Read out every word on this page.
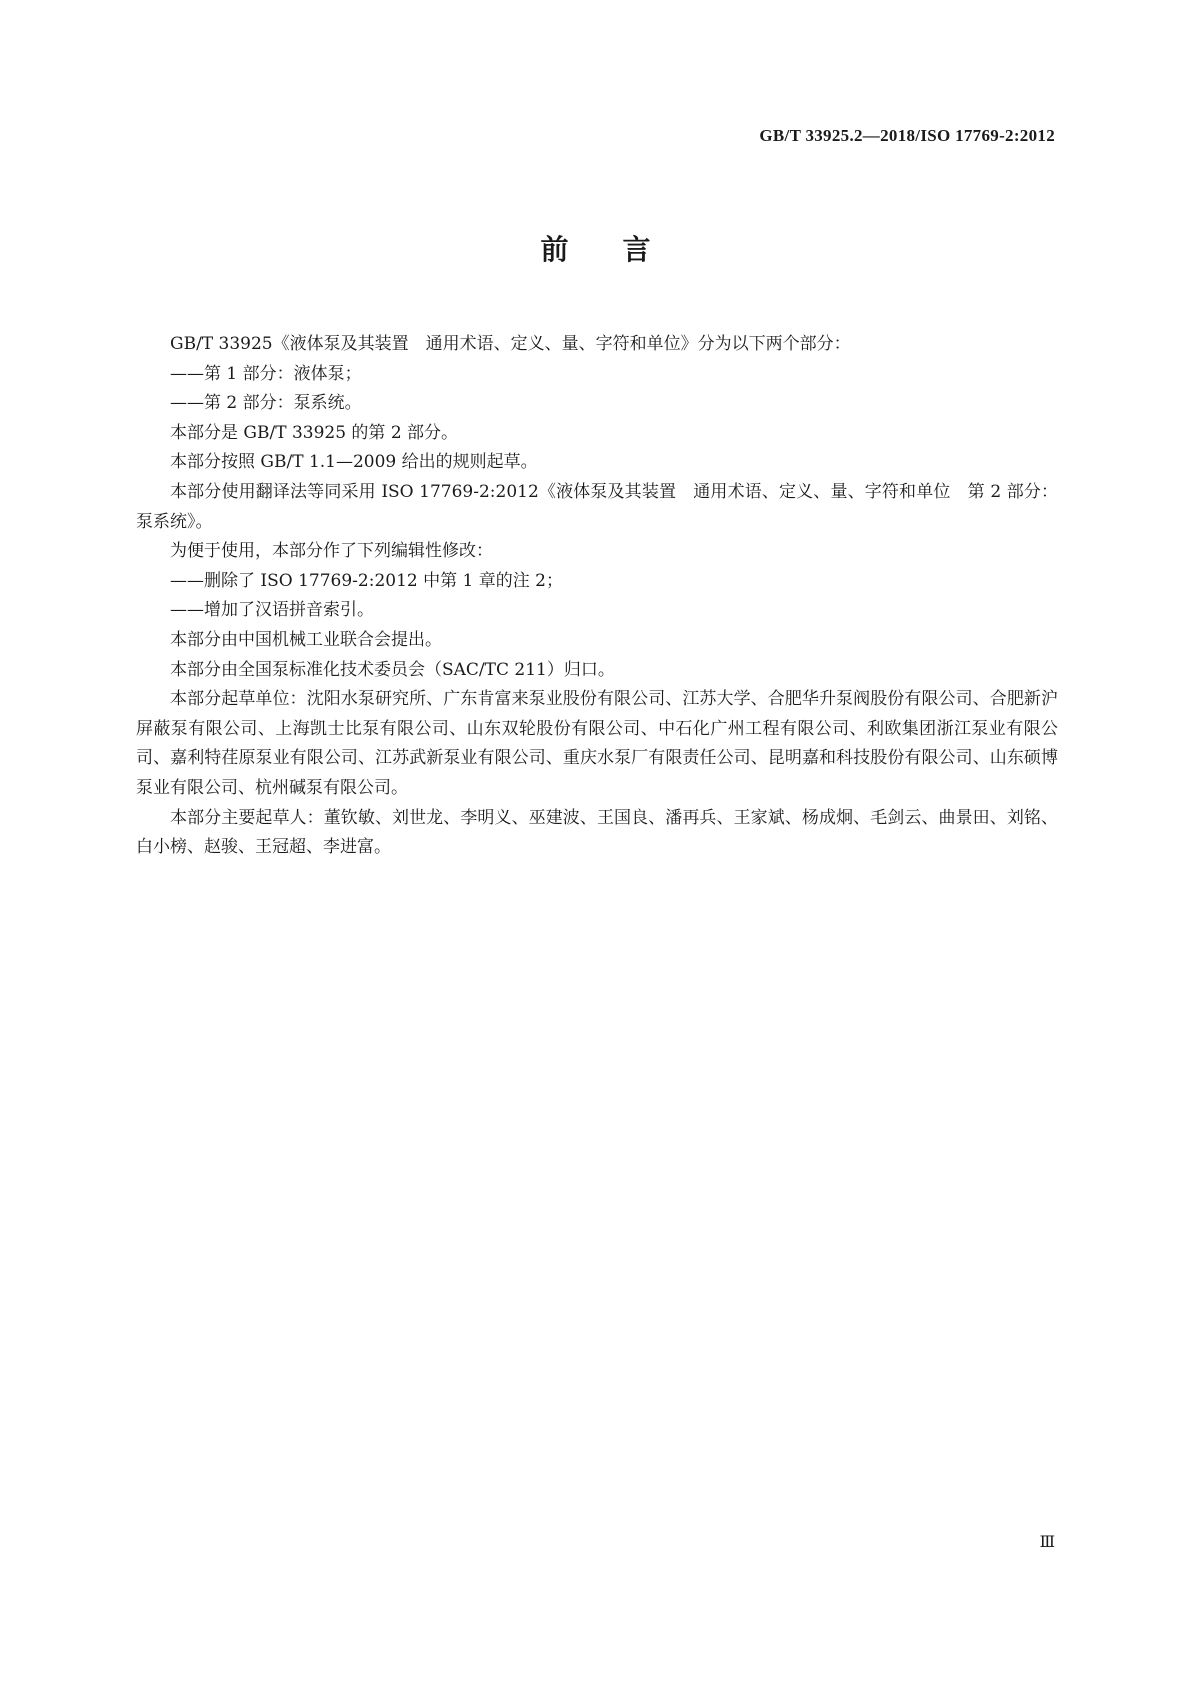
GB/T 33925.2—2018/ISO 17769-2:2012
前言

GB/T 33925《液体泵及其装置　通用术语、定义、量、字符和单位》分为以下两个部分：

——第 1 部分：液体泵；

——第 2 部分：泵系统。

本部分是 GB/T 33925 的第 2 部分。

本部分按照 GB/T 1.1—2009 给出的规则起草。

本部分使用翻译法等同采用 ISO 17769-2:2012《液体泵及其装置　通用术语、定义、量、字符和单位　第 2 部分：泵系统》。

为便于使用，本部分作了下列编辑性修改：

——删除了 ISO 17769-2:2012 中第 1 章的注 2；

——增加了汉语拼音索引。

本部分由中国机械工业联合会提出。

本部分由全国泵标准化技术委员会（SAC/TC 211）归口。

本部分起草单位：沈阳水泵研究所、广东肯富来泵业股份有限公司、江苏大学、合肥华升泵阀股份有限公司、合肥新沪屏蔽泵有限公司、上海凯士比泵有限公司、山东双轮股份有限公司、中石化广州工程有限公司、利欧集团浙江泵业有限公司、嘉利特荏原泵业有限公司、江苏武新泵业有限公司、重庆水泵厂有限责任公司、昆明嘉和科技股份有限公司、山东硕博泵业有限公司、杭州碱泵有限公司。

本部分主要起草人：董钦敏、刘世龙、李明义、巫建波、王国良、潘再兵、王家斌、杨成炯、毛剑云、曲景田、刘铭、白小榜、赵骏、王冠超、李进富。

Ⅲ
